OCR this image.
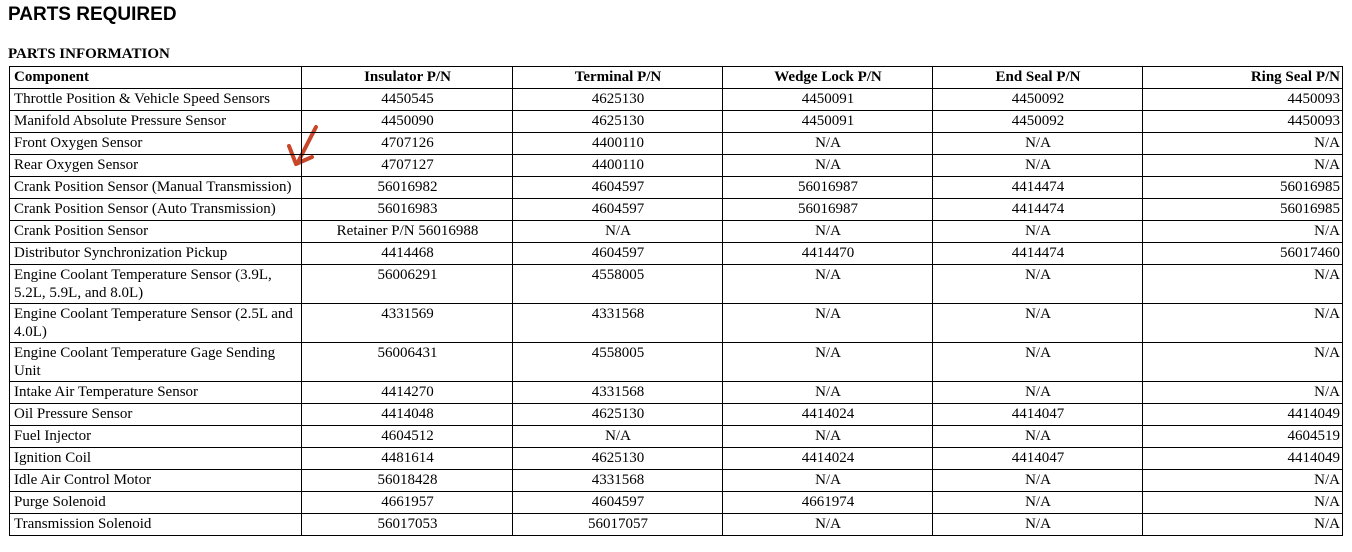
PARTS REQUIRED
PARTS INFORMATION
Component	Insulator P/N	Terminal P/N	Wedge Lock P/N	End Seal P/N	Ring Seal P/N
Throttle Position & Vehicle Speed Sensors	4450545	4625130	4450091	4450092	4450093
Manifold Absolute Pressure Sensor	4450090	4625130	4450091	4450092	4450093
Front Oxygen Sensor	4707126	4400110	N/A	N/A	N/A
Rear Oxygen Sensor	4707127	4400110	N/A	N/A	N/A
Crank Position Sensor (Manual Transmission)	56016982	4604597	56016987	4414474	56016985
Crank Position Sensor (Auto Transmission)	56016983	4604597	56016987	4414474	56016985
Crank Position Sensor	Retainer P/N 56016988	N/A	N/A	N/A	N/A
Distributor Synchronization Pickup	4414468	4604597	4414470	4414474	56017460
Engine Coolant Temperature Sensor (3.9L, 5.2L, 5.9L, and 8.0L)	56006291	4558005	N/A	N/A	N/A
Engine Coolant Temperature Sensor (2.5L and 4.0L)	4331569	4331568	N/A	N/A	N/A
Engine Coolant Temperature Gage Sending Unit	56006431	4558005	N/A	N/A	N/A
Intake Air Temperature Sensor	4414270	4331568	N/A	N/A	N/A
Oil Pressure Sensor	4414048	4625130	4414024	4414047	4414049
Fuel Injector	4604512	N/A	N/A	N/A	4604519
Ignition Coil	4481614	4625130	4414024	4414047	4414049
Idle Air Control Motor	56018428	4331568	N/A	N/A	N/A
Purge Solenoid	4661957	4604597	4661974	N/A	N/A
Transmission Solenoid	56017053	56017057	N/A	N/A	N/A
